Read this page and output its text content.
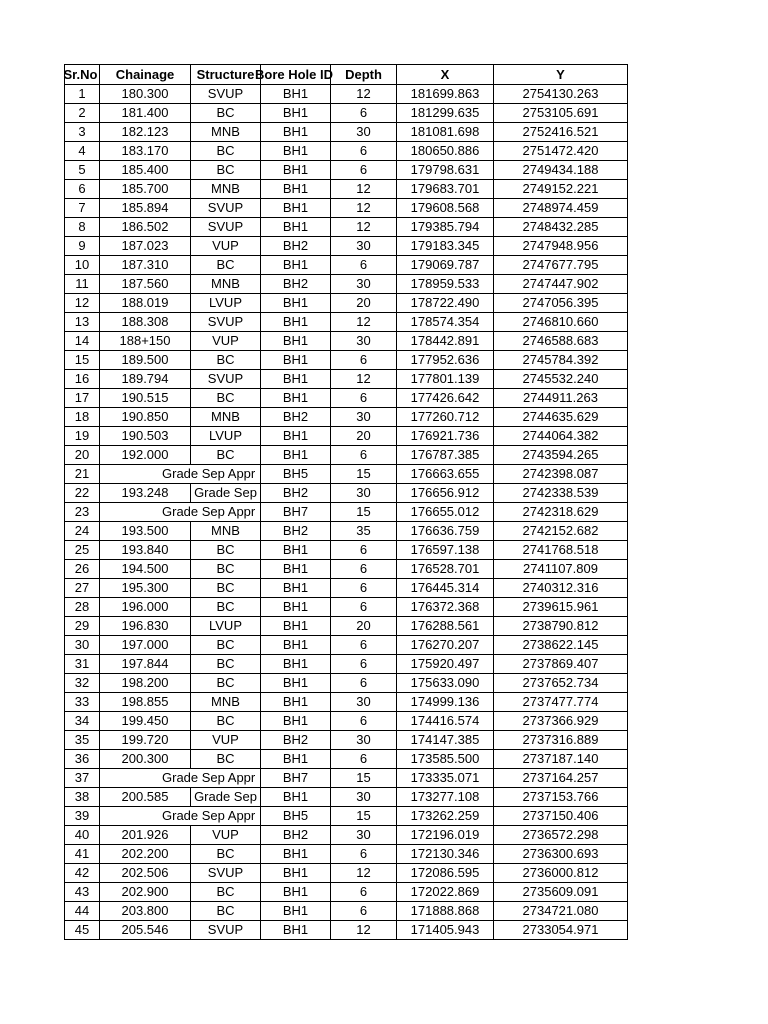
Sr.No	Chainage	Structure	Bore Hole ID	Depth	X	Y
1	180.300	SVUP	BH1	12	181699.863	2754130.263
2	181.400	BC	BH1	6	181299.635	2753105.691
3	182.123	MNB	BH1	30	181081.698	2752416.521
4	183.170	BC	BH1	6	180650.886	2751472.420
5	185.400	BC	BH1	6	179798.631	2749434.188
6	185.700	MNB	BH1	12	179683.701	2749152.221
7	185.894	SVUP	BH1	12	179608.568	2748974.459
8	186.502	SVUP	BH1	12	179385.794	2748432.285
9	187.023	VUP	BH2	30	179183.345	2747948.956
10	187.310	BC	BH1	6	179069.787	2747677.795
11	187.560	MNB	BH2	30	178959.533	2747447.902
12	188.019	LVUP	BH1	20	178722.490	2747056.395
13	188.308	SVUP	BH1	12	178574.354	2746810.660
14	188+150	VUP	BH1	30	178442.891	2746588.683
15	189.500	BC	BH1	6	177952.636	2745784.392
16	189.794	SVUP	BH1	12	177801.139	2745532.240
17	190.515	BC	BH1	6	177426.642	2744911.263
18	190.850	MNB	BH2	30	177260.712	2744635.629
19	190.503	LVUP	BH1	20	176921.736	2744064.382
20	192.000	BC	BH1	6	176787.385	2743594.265
21	Grade Sep Appr		BH5	15	176663.655	2742398.087
22	193.248	Grade Sep	BH2	30	176656.912	2742338.539
23	Grade Sep Appr		BH7	15	176655.012	2742318.629
24	193.500	MNB	BH2	35	176636.759	2742152.682
25	193.840	BC	BH1	6	176597.138	2741768.518
26	194.500	BC	BH1	6	176528.701	2741107.809
27	195.300	BC	BH1	6	176445.314	2740312.316
28	196.000	BC	BH1	6	176372.368	2739615.961
29	196.830	LVUP	BH1	20	176288.561	2738790.812
30	197.000	BC	BH1	6	176270.207	2738622.145
31	197.844	BC	BH1	6	175920.497	2737869.407
32	198.200	BC	BH1	6	175633.090	2737652.734
33	198.855	MNB	BH1	30	174999.136	2737477.774
34	199.450	BC	BH1	6	174416.574	2737366.929
35	199.720	VUP	BH2	30	174147.385	2737316.889
36	200.300	BC	BH1	6	173585.500	2737187.140
37	Grade Sep Appr		BH7	15	173335.071	2737164.257
38	200.585	Grade Sep	BH1	30	173277.108	2737153.766
39	Grade Sep Appr		BH5	15	173262.259	2737150.406
40	201.926	VUP	BH2	30	172196.019	2736572.298
41	202.200	BC	BH1	6	172130.346	2736300.693
42	202.506	SVUP	BH1	12	172086.595	2736000.812
43	202.900	BC	BH1	6	172022.869	2735609.091
44	203.800	BC	BH1	6	171888.868	2734721.080
45	205.546	SVUP	BH1	12	171405.943	2733054.971
